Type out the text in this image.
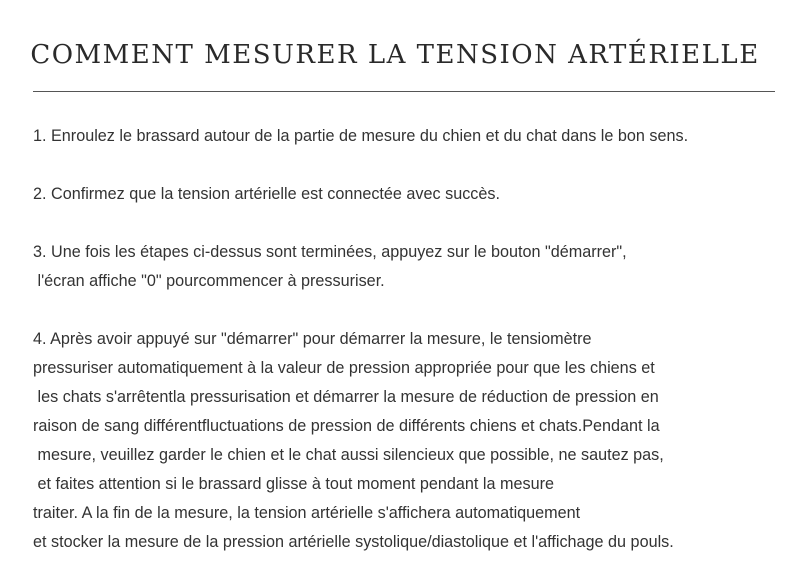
COMMENT MESURER LA TENSION ARTÉRIELLE

1. Enroulez le brassard autour de la partie de mesure du chien et du chat dans le bon sens.

2. Confirmez que la tension artérielle est connectée avec succès.

3. Une fois les étapes ci-dessus sont terminées, appuyez sur le bouton "démarrer",
l'écran affiche "0" pourcommencer à pressuriser.

4. Après avoir appuyé sur "démarrer" pour démarrer la mesure, le tensiomètre
pressuriser automatiquement à la valeur de pression appropriée pour que les chiens et
les chats s'arrêtentla pressurisation et démarrer la mesure de réduction de pression en
raison de sang différentfluctuations de pression de différents chiens et chats.Pendant la
mesure, veuillez garder le chien et le chat aussi silencieux que possible, ne sautez pas,
et faites attention si le brassard glisse à tout moment pendant la mesure
traiter. A la fin de la mesure, la tension artérielle s'affichera automatiquement
et stocker la mesure de la pression artérielle systolique/diastolique et l'affichage du pouls.
